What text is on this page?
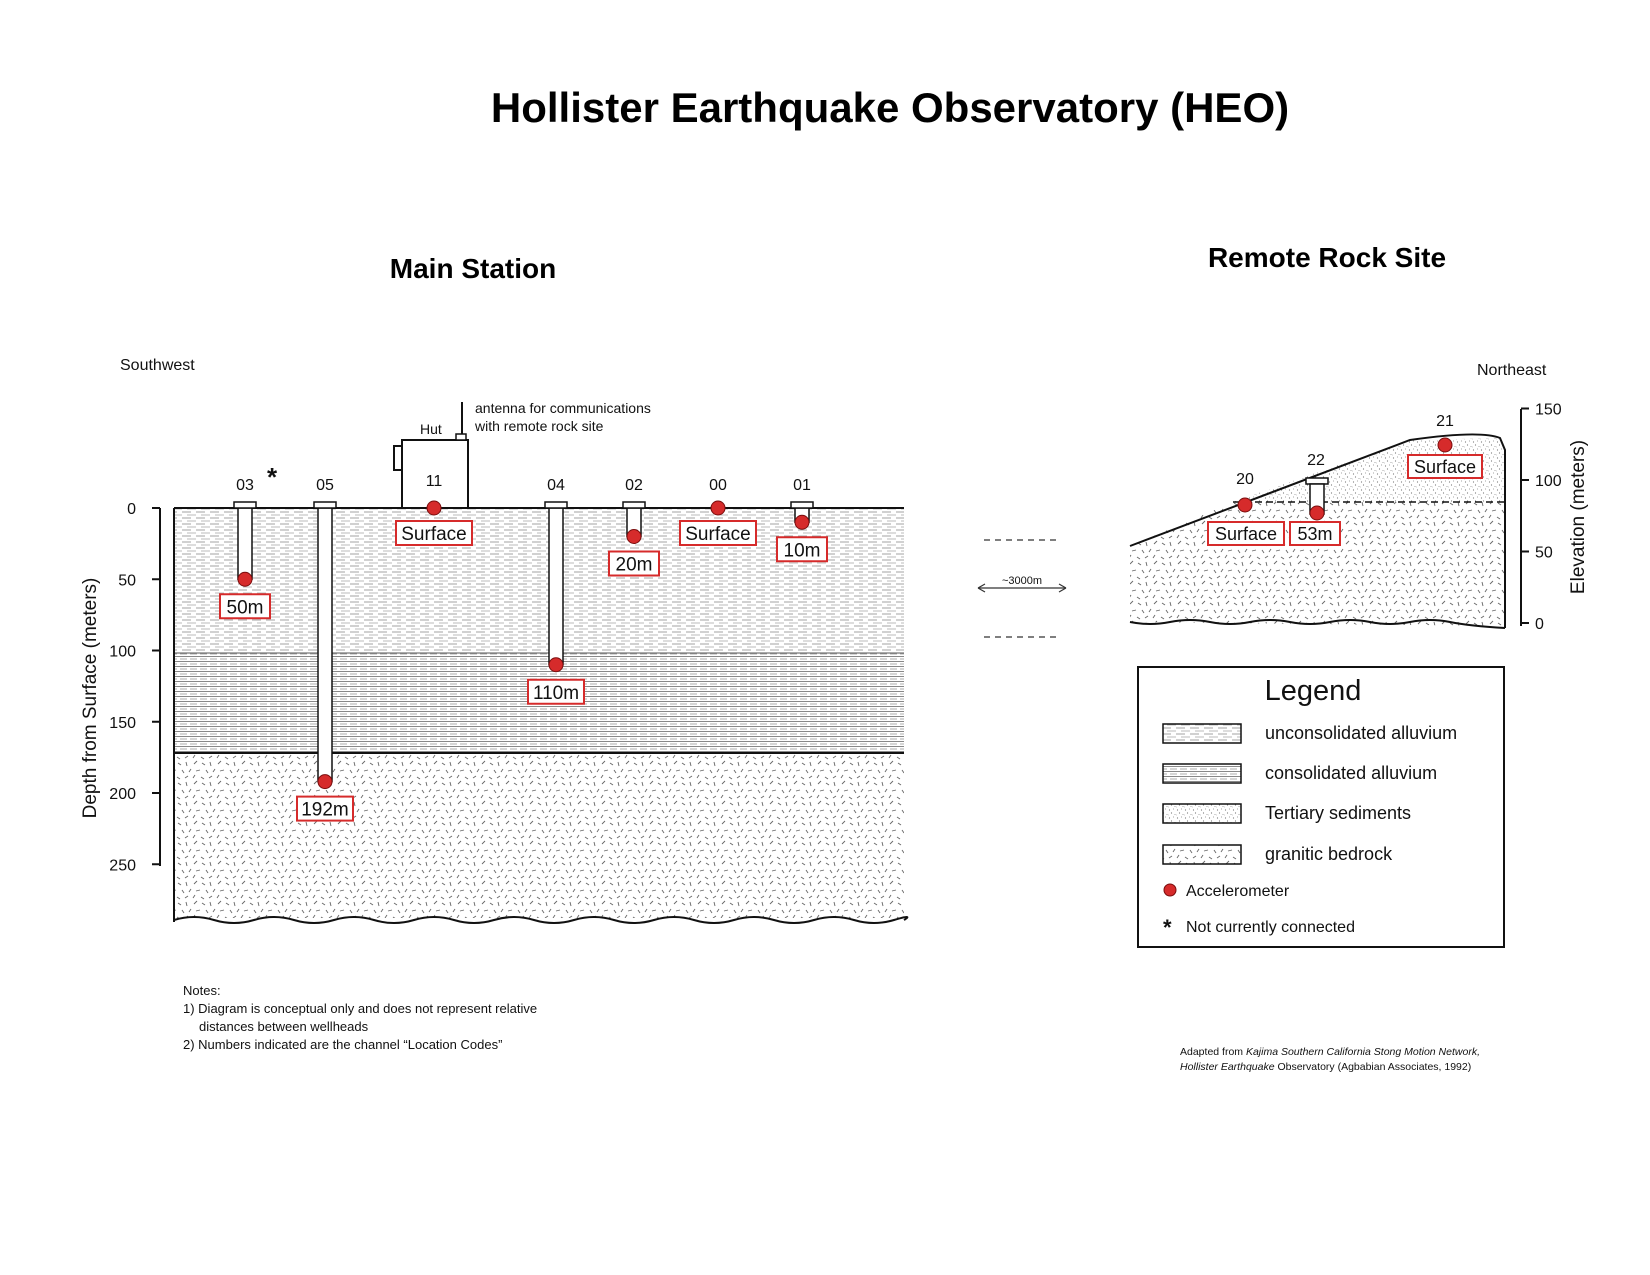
Hollister Earthquake Observatory (HEO)
Main Station
Southwest
0
50
100
150
200
250
Depth from Surface (meters)
Hut
antenna for communications
with remote rock site
03 *
50m
05
192m
11
Surface
04
110m
02
20m
00
Surface
01
10m
~3000m
Remote Rock Site
Northeast
150
100
50
0
Elevation (meters)
20
Surface
22
53m
21
Surface
Legend
unconsolidated alluvium
consolidated alluvium
Tertiary sediments
granitic bedrock
Accelerometer
* Not currently connected
Notes:
1) Diagram is conceptual only and does not represent relative
distances between wellheads
2) Numbers indicated are the channel “Location Codes”	Adapted from Kajima Southern California Stong Motion Network,
Hollister Earthquake Observatory (Agbabian Associates, 1992)
